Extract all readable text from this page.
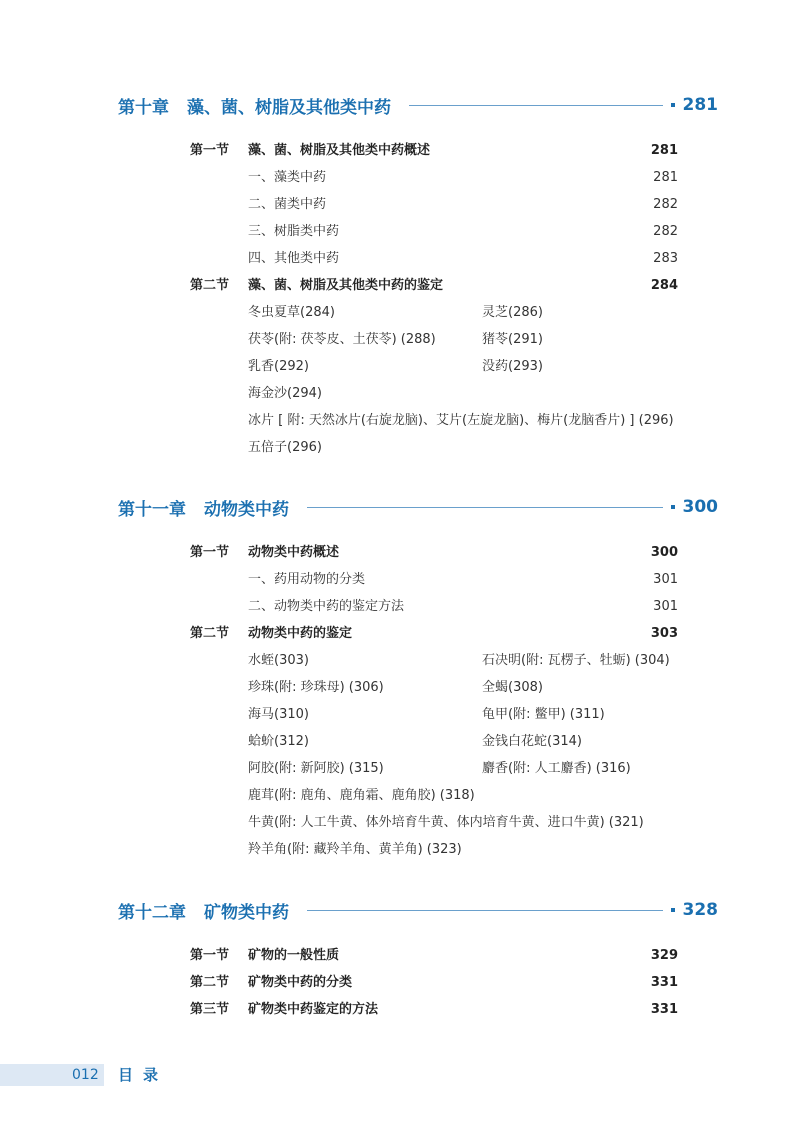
第十章 藻、菌、树脂及其他类中药	281
第一节 藻、菌、树脂及其他类中药概述	281
一、藻类中药	281
二、菌类中药	282
三、树脂类中药	282
四、其他类中药	283
第二节 藻、菌、树脂及其他类中药的鉴定	284
冬虫夏草(284)	灵芝(286)
茯苓(附: 茯苓皮、土茯苓) (288)	猪苓(291)
乳香(292)	没药(293)
海金沙(294)
冰片 [ 附: 天然冰片(右旋龙脑)、艾片(左旋龙脑)、梅片(龙脑香片) ] (296)
五倍子(296)
第十一章 动物类中药	300
第一节 动物类中药概述	300
一、药用动物的分类	301
二、动物类中药的鉴定方法	301
第二节 动物类中药的鉴定	303
水蛭(303)	石决明(附: 瓦楞子、牡蛎) (304)
珍珠(附: 珍珠母) (306)	全蝎(308)
海马(310)	龟甲(附: 鳖甲) (311)
蛤蚧(312)	金钱白花蛇(314)
阿胶(附: 新阿胶) (315)	麝香(附: 人工麝香) (316)
鹿茸(附: 鹿角、鹿角霜、鹿角胶) (318)
牛黄(附: 人工牛黄、体外培育牛黄、体内培育牛黄、进口牛黄) (321)
羚羊角(附: 藏羚羊角、黄羊角) (323)
第十二章 矿物类中药	328
第一节 矿物的一般性质	329
第二节 矿物类中药的分类	331
第三节 矿物类中药鉴定的方法	331
012 目录
